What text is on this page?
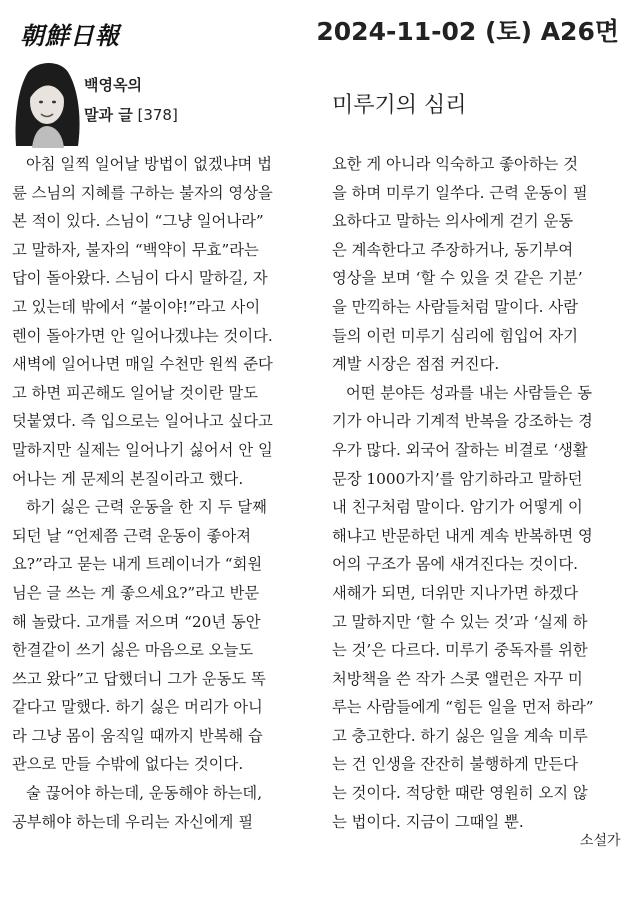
朝鮮日報	2024-11-02 (토) A26면
백영옥의
말과 글 [378]	미루기의 심리
아침 일찍 일어날 방법이 없겠냐며 법
륜 스님의 지혜를 구하는 불자의 영상을
본 적이 있다. 스님이 “그냥 일어나라”
고 말하자, 불자의 “백약이 무효”라는
답이 돌아왔다. 스님이 다시 말하길, 자
고 있는데 밖에서 “불이야!”라고 사이
렌이 돌아가면 안 일어나겠냐는 것이다.
새벽에 일어나면 매일 수천만 원씩 준다
고 하면 피곤해도 일어날 것이란 말도
덧붙였다. 즉 입으로는 일어나고 싶다고
말하지만 실제는 일어나기 싫어서 안 일
어나는 게 문제의 본질이라고 했다.
하기 싫은 근력 운동을 한 지 두 달째
되던 날 “언제쯤 근력 운동이 좋아져
요?”라고 묻는 내게 트레이너가 “회원
님은 글 쓰는 게 좋으세요?”라고 반문
해 놀랐다. 고개를 저으며 “20년 동안
한결같이 쓰기 싫은 마음으로 오늘도
쓰고 왔다”고 답했더니 그가 운동도 똑
같다고 말했다. 하기 싫은 머리가 아니
라 그냥 몸이 움직일 때까지 반복해 습
관으로 만들 수밖에 없다는 것이다.
술 끊어야 하는데, 운동해야 하는데,
공부해야 하는데 우리는 자신에게 필
요한 게 아니라 익숙하고 좋아하는 것
을 하며 미루기 일쑤다. 근력 운동이 필
요하다고 말하는 의사에게 걷기 운동
은 계속한다고 주장하거나, 동기부여
영상을 보며 ‘할 수 있을 것 같은 기분’
을 만끽하는 사람들처럼 말이다. 사람
들의 이런 미루기 심리에 힘입어 자기
계발 시장은 점점 커진다.
어떤 분야든 성과를 내는 사람들은 동
기가 아니라 기계적 반복을 강조하는 경
우가 많다. 외국어 잘하는 비결로 ‘생활
문장 1000가지’를 암기하라고 말하던
내 친구처럼 말이다. 암기가 어떻게 이
해냐고 반문하던 내게 계속 반복하면 영
어의 구조가 몸에 새겨진다는 것이다.
새해가 되면, 더위만 지나가면 하겠다
고 말하지만 ‘할 수 있는 것’과 ‘실제 하
는 것’은 다르다. 미루기 중독자를 위한
처방책을 쓴 작가 스콧 앨런은 자꾸 미
루는 사람들에게 “힘든 일을 먼저 하라”
고 충고한다. 하기 싫은 일을 계속 미루
는 건 인생을 잔잔히 불행하게 만든다
는 것이다. 적당한 때란 영원히 오지 않
는 법이다. 지금이 그때일 뿐.
소설가
